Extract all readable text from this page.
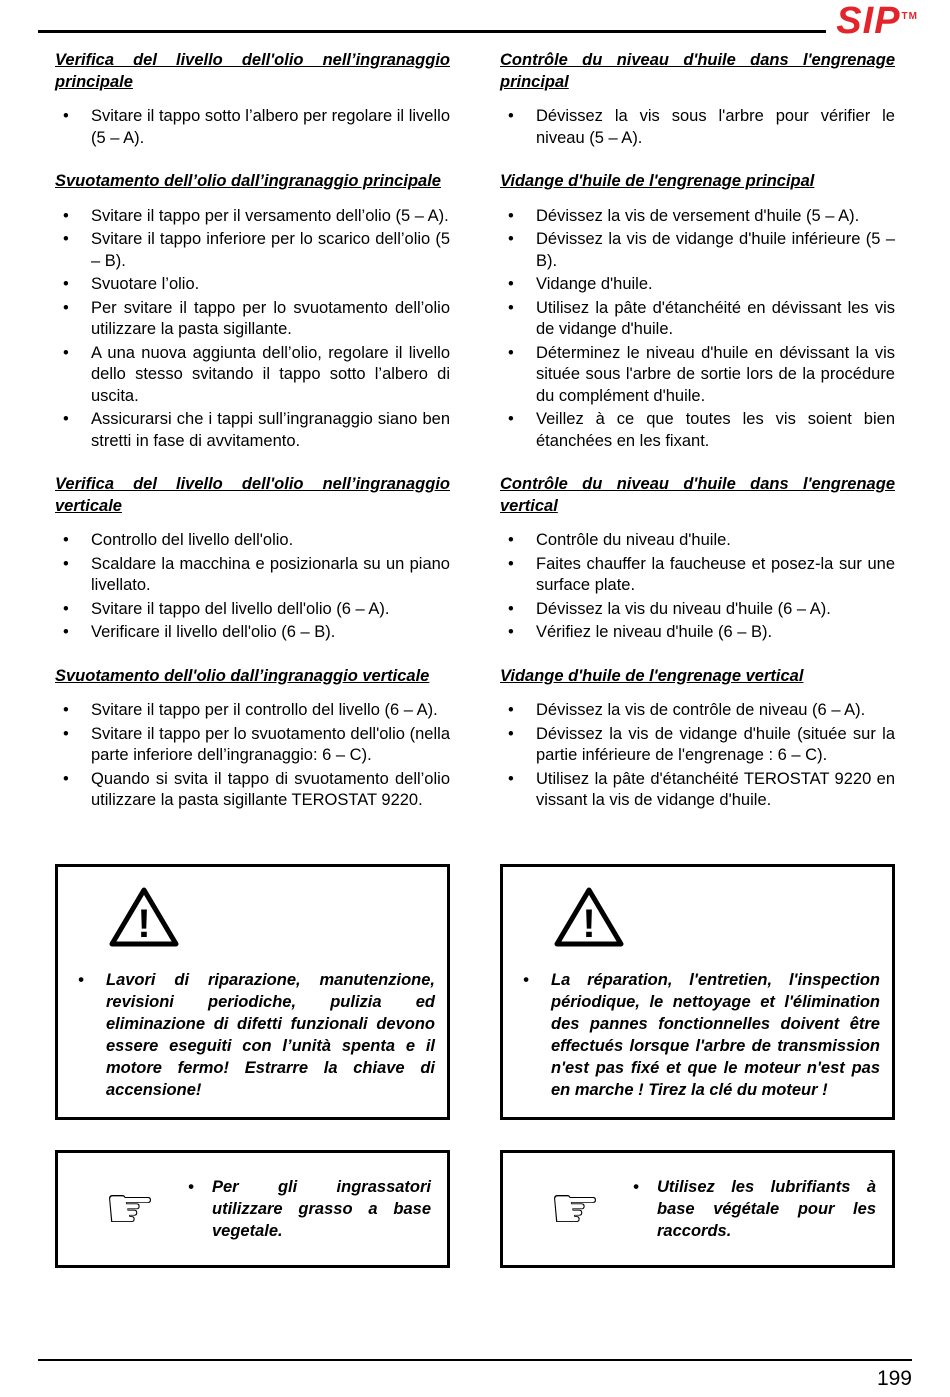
SIP™
Verifica del livello dell'olio nell’ingranaggio principale
• Svitare il tappo sotto l’albero per regolare il livello (5 – A).
Svuotamento dell’olio dall’ingranaggio principale
• Svitare il tappo per il versamento dell’olio (5 – A).
• Svitare il tappo inferiore per lo scarico dell’olio (5 – B).
• Svuotare l’olio.
• Per svitare il tappo per lo svuotamento dell’olio utilizzare la pasta sigillante.
• A una nuova aggiunta dell’olio, regolare il livello dello stesso svitando il tappo sotto l’albero di uscita.
• Assicurarsi che i tappi sull’ingranaggio siano ben stretti in fase di avvitamento.
Verifica del livello dell'olio nell’ingranaggio verticale
• Controllo del livello dell'olio.
• Scaldare la macchina e posizionarla su un piano livellato.
• Svitare il tappo del livello dell'olio (6 – A).
• Verificare il livello dell'olio (6 – B).
Svuotamento dell'olio dall’ingranaggio verticale
• Svitare il tappo per il controllo del livello (6 – A).
• Svitare il tappo per lo svuotamento dell'olio (nella parte inferiore dell’ingranaggio: 6 – C).
• Quando si svita il tappo di svuotamento dell’olio utilizzare la pasta sigillante TEROSTAT 9220.
Contrôle du niveau d'huile dans l'engrenage principal
• Dévissez la vis sous l'arbre pour vérifier le niveau (5 – A).
Vidange d'huile de l'engrenage principal
• Dévissez la vis de versement d'huile (5 – A).
• Dévissez la vis de vidange d'huile inférieure (5 – B).
• Vidange d'huile.
• Utilisez la pâte d'étanchéité en dévissant les vis de vidange d'huile.
• Déterminez le niveau d'huile en dévissant la vis située sous l'arbre de sortie lors de la procédure du complément d'huile.
• Veillez à ce que toutes les vis soient bien étanchées en les fixant.
Contrôle du niveau d'huile dans l'engrenage vertical
• Contrôle du niveau d'huile.
• Faites chauffer la faucheuse et posez-la sur une surface plate.
• Dévissez la vis du niveau d'huile (6 – A).
• Vérifiez le niveau d'huile (6 – B).
Vidange d'huile de l'engrenage vertical
• Dévissez la vis de contrôle de niveau (6 – A).
• Dévissez la vis de vidange d'huile (située sur la partie inférieure de l'engrenage : 6 – C).
• Utilisez la pâte d'étanchéité TEROSTAT 9220 en vissant la vis de vidange d'huile.
!
• Lavori di riparazione, manutenzione, revisioni periodiche, pulizia ed eliminazione di difetti funzionali devono essere eseguiti con l’unità spenta e il motore fermo! Estrarre la chiave di accensione!
!
• La réparation, l'entretien, l'inspection périodique, le nettoyage et l'élimination des pannes fonctionnelles doivent être effectués lorsque l'arbre de transmission n'est pas fixé et que le moteur n'est pas en marche ! Tirez la clé du moteur !
☞	• Per gli ingrassatori utilizzare grasso a base vegetale.	☞	• Utilisez les lubrifiants à base végétale pour les raccords.
199
